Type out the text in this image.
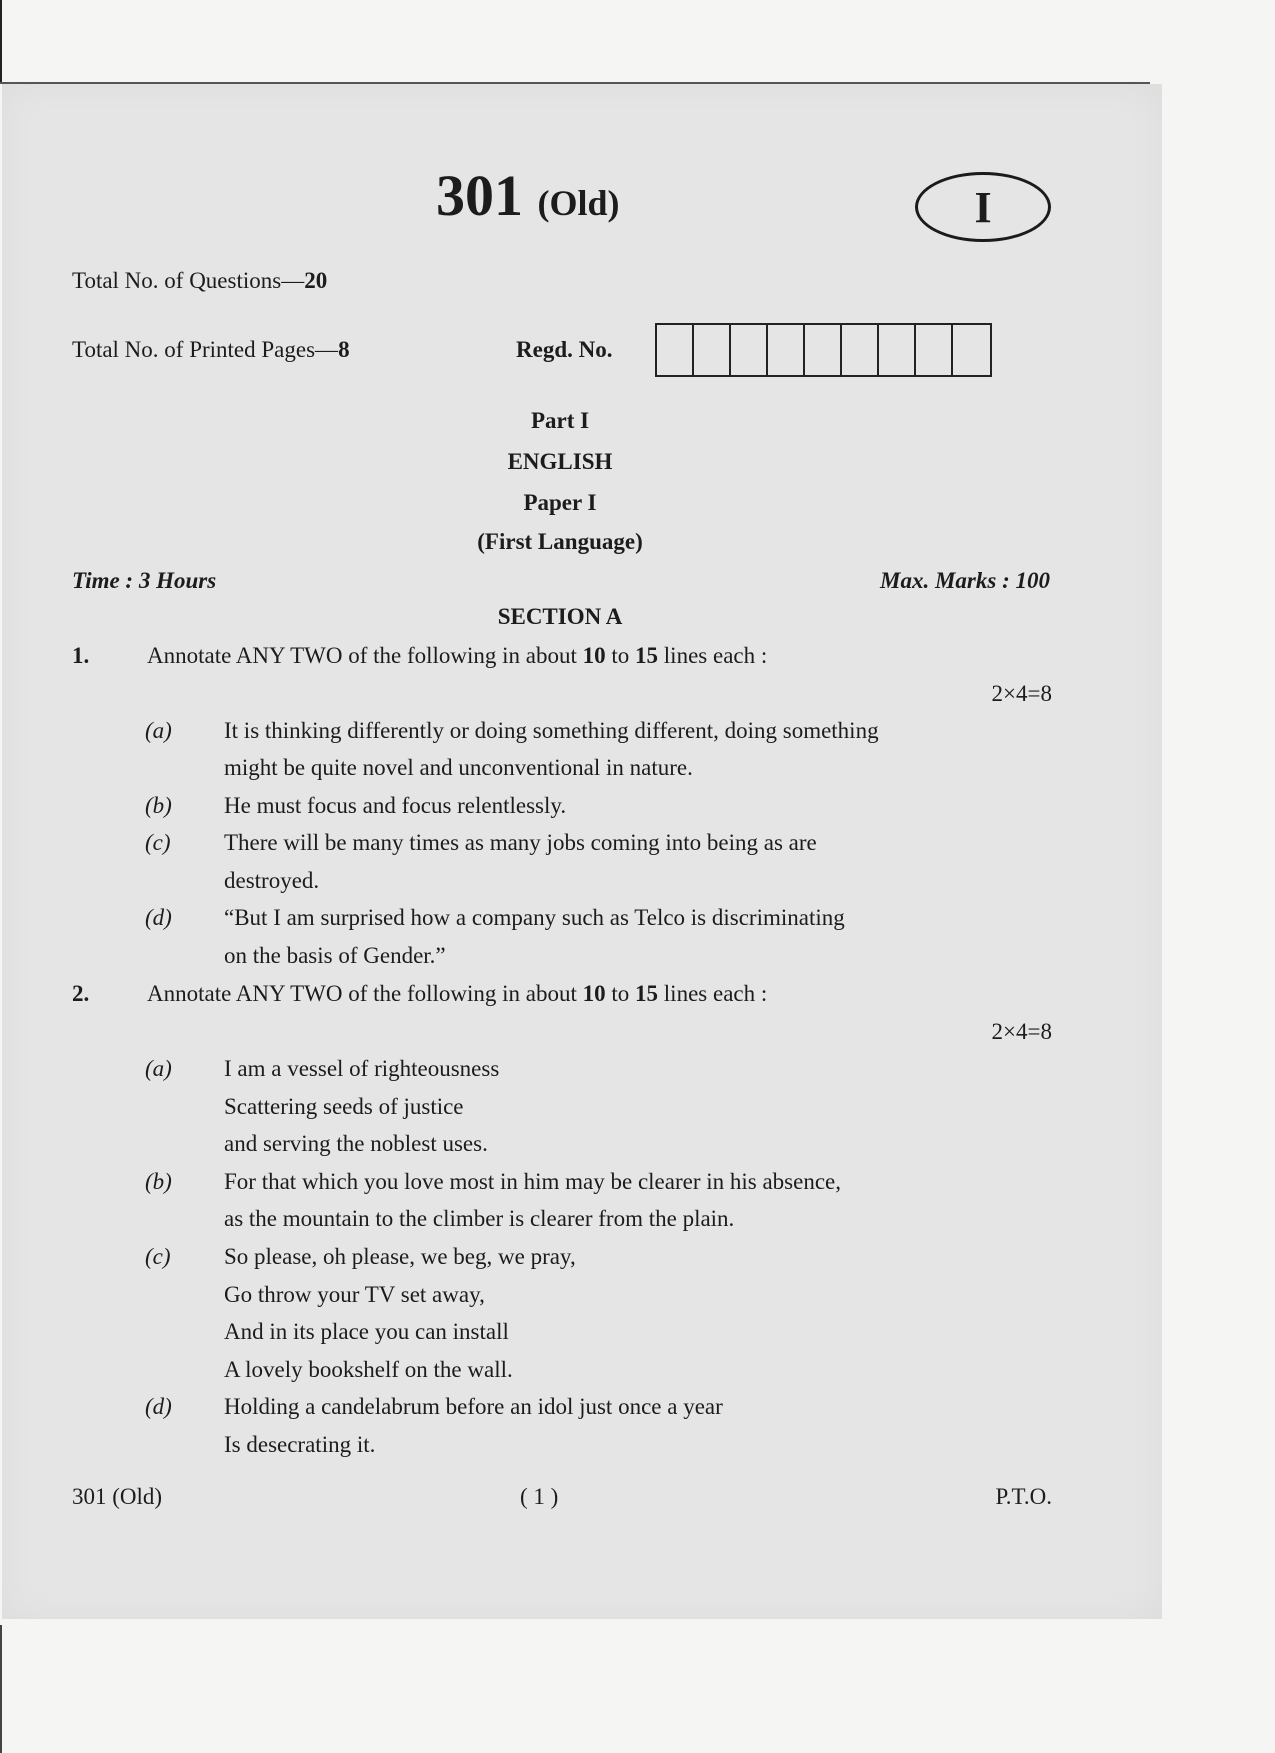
301 (Old)	I
Total No. of Questions—20
Total No. of Printed Pages—8	Regd. No.
Part I
ENGLISH
Paper I
(First Language)
Time : 3 Hours	Max. Marks : 100
SECTION A
1.	Annotate ANY TWO of the following in about 10 to 15 lines each :
2×4=8
(a) It is thinking differently or doing something different, doing something
might be quite novel and unconventional in nature.
(b) He must focus and focus relentlessly.
(c) There will be many times as many jobs coming into being as are
destroyed.
(d) “But I am surprised how a company such as Telco is discriminating
on the basis of Gender.”
2.	Annotate ANY TWO of the following in about 10 to 15 lines each :
2×4=8
(a) I am a vessel of righteousness
Scattering seeds of justice
and serving the noblest uses.
(b) For that which you love most in him may be clearer in his absence,
as the mountain to the climber is clearer from the plain.
(c) So please, oh please, we beg, we pray,
Go throw your TV set away,
And in its place you can install
A lovely bookshelf on the wall.
(d) Holding a candelabrum before an idol just once a year
Is desecrating it.
301 (Old)	( 1 )	P.T.O.
